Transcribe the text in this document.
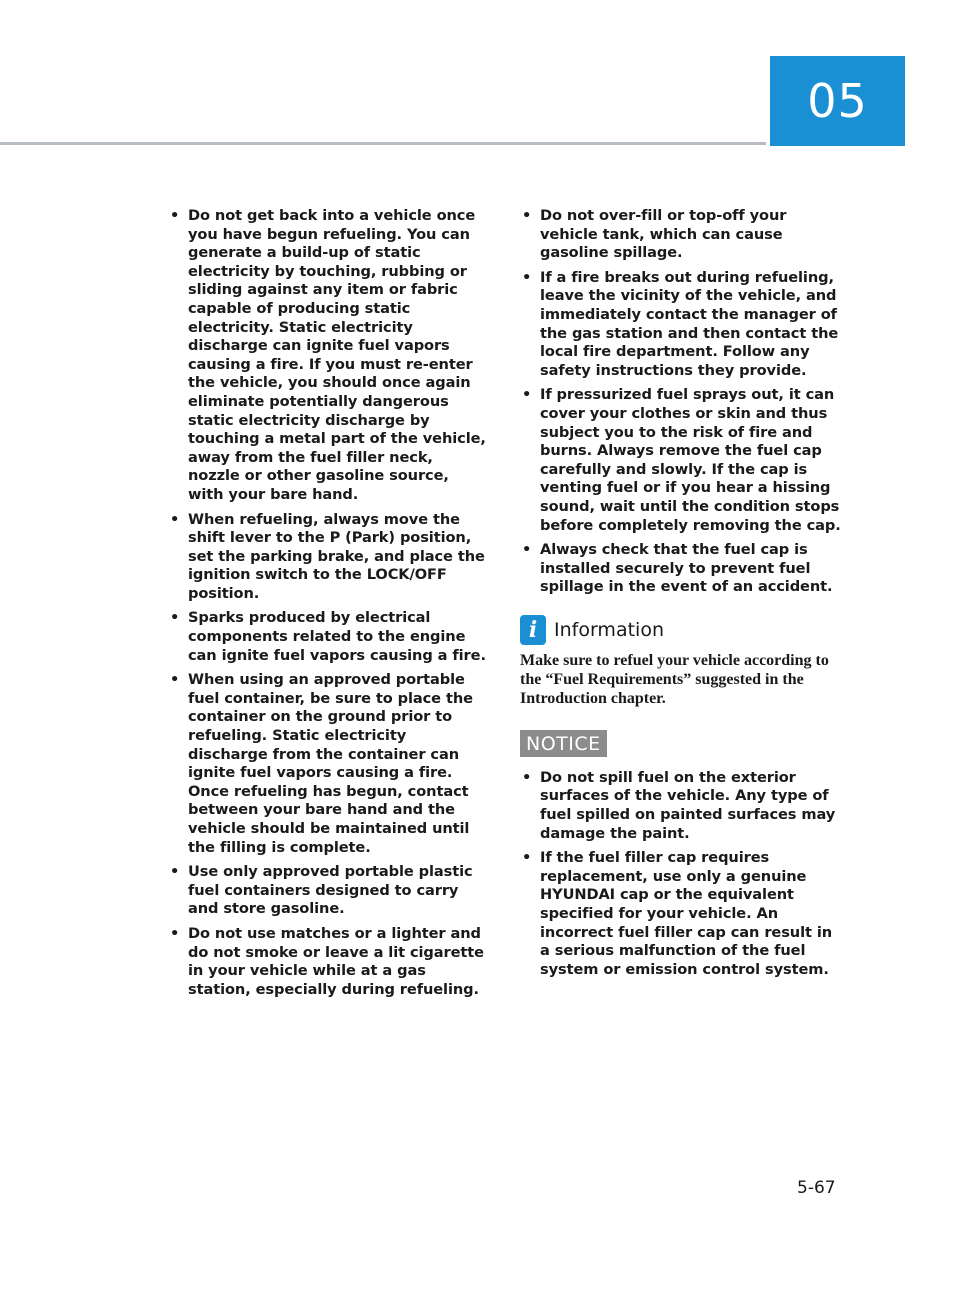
05
• Do not get back into a vehicle once you have begun refueling. You can generate a build-up of static electricity by touching, rubbing or sliding against any item or fabric capable of producing static electricity. Static electricity discharge can ignite fuel vapors causing a fire. If you must re-enter the vehicle, you should once again eliminate potentially dangerous static electricity discharge by touching a metal part of the vehicle, away from the fuel filler neck, nozzle or other gasoline source, with your bare hand.
• When refueling, always move the shift lever to the P (Park) position, set the parking brake, and place the ignition switch to the LOCK/OFF position.
• Sparks produced by electrical components related to the engine can ignite fuel vapors causing a fire.
• When using an approved portable fuel container, be sure to place the container on the ground prior to refueling. Static electricity discharge from the container can ignite fuel vapors causing a fire. Once refueling has begun, contact between your bare hand and the vehicle should be maintained until the filling is complete.
• Use only approved portable plastic fuel containers designed to carry and store gasoline.
• Do not use matches or a lighter and do not smoke or leave a lit cigarette in your vehicle while at a gas station, especially during refueling.
• Do not over-fill or top-off your vehicle tank, which can cause gasoline spillage.
• If a fire breaks out during refueling, leave the vicinity of the vehicle, and immediately contact the manager of the gas station and then contact the local fire department. Follow any safety instructions they provide.
• If pressurized fuel sprays out, it can cover your clothes or skin and thus subject you to the risk of fire and burns. Always remove the fuel cap carefully and slowly. If the cap is venting fuel or if you hear a hissing sound, wait until the condition stops before completely removing the cap.
• Always check that the fuel cap is installed securely to prevent fuel spillage in the event of an accident.
i Information
Make sure to refuel your vehicle according to the “Fuel Requirements” suggested in the Introduction chapter.
NOTICE
• Do not spill fuel on the exterior surfaces of the vehicle. Any type of fuel spilled on painted surfaces may damage the paint.
• If the fuel filler cap requires replacement, use only a genuine HYUNDAI cap or the equivalent specified for your vehicle. An incorrect fuel filler cap can result in a serious malfunction of the fuel system or emission control system.
5-67
